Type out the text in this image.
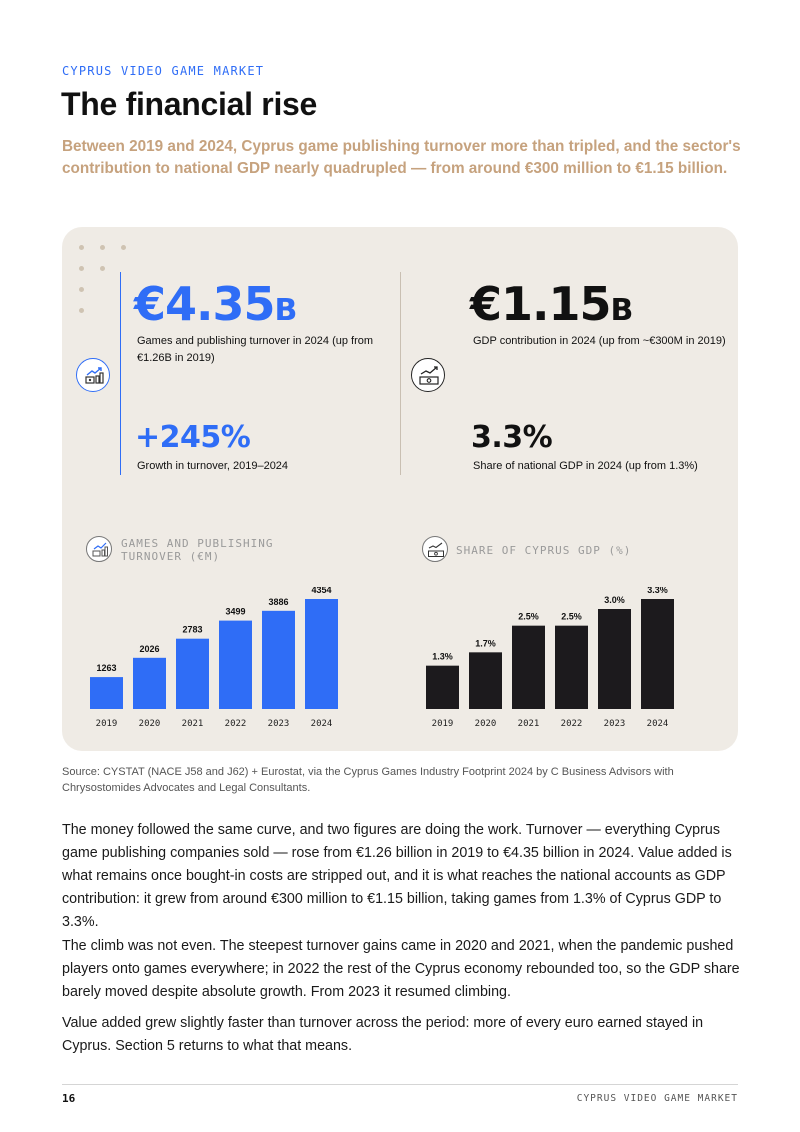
CYPRUS VIDEO GAME MARKET
The financial rise

Between 2019 and 2024, Cyprus game publishing turnover more than tripled, and the sector's contribution to national GDP nearly quadrupled — from around €300 million to €1.15 billion.

€4.35B
Games and publishing turnover in 2024 (up from €1.26B in 2019)
+245%
Growth in turnover, 2019–2024
€1.15B
GDP contribution in 2024 (up from ~€300M in 2019)
3.3%
Share of national GDP in 2024 (up from 1.3%)
GAMES AND PUBLISHING TURNOVER (€M)	SHARE OF CYPRUS GDP (%)
1263
2019
2026
2020
2783
2021
3499
2022
3886
2023
4354
2024
1.3%
2019
1.7%
2020
2.5%
2021
2.5%
2022
3.0%
2023
3.3%
2024

Source: CYSTAT (NACE J58 and J62) + Eurostat, via the Cyprus Games Industry Footprint 2024 by C Business Advisors with Chrysostomides Advocates and Legal Consultants.

The money followed the same curve, and two figures are doing the work. Turnover — everything Cyprus game publishing companies sold — rose from €1.26 billion in 2019 to €4.35 billion in 2024. Value added is what remains once bought-in costs are stripped out, and it is what reaches the national accounts as GDP contribution: it grew from around €300 million to €1.15 billion, taking games from 1.3% of Cyprus GDP to 3.3%.

The climb was not even. The steepest turnover gains came in 2020 and 2021, when the pandemic pushed players onto games everywhere; in 2022 the rest of the Cyprus economy rebounded too, so the GDP share barely moved despite absolute growth. From 2023 it resumed climbing.

Value added grew slightly faster than turnover across the period: more of every euro earned stayed in Cyprus. Section 5 returns to what that means.

16	CYPRUS VIDEO GAME MARKET
